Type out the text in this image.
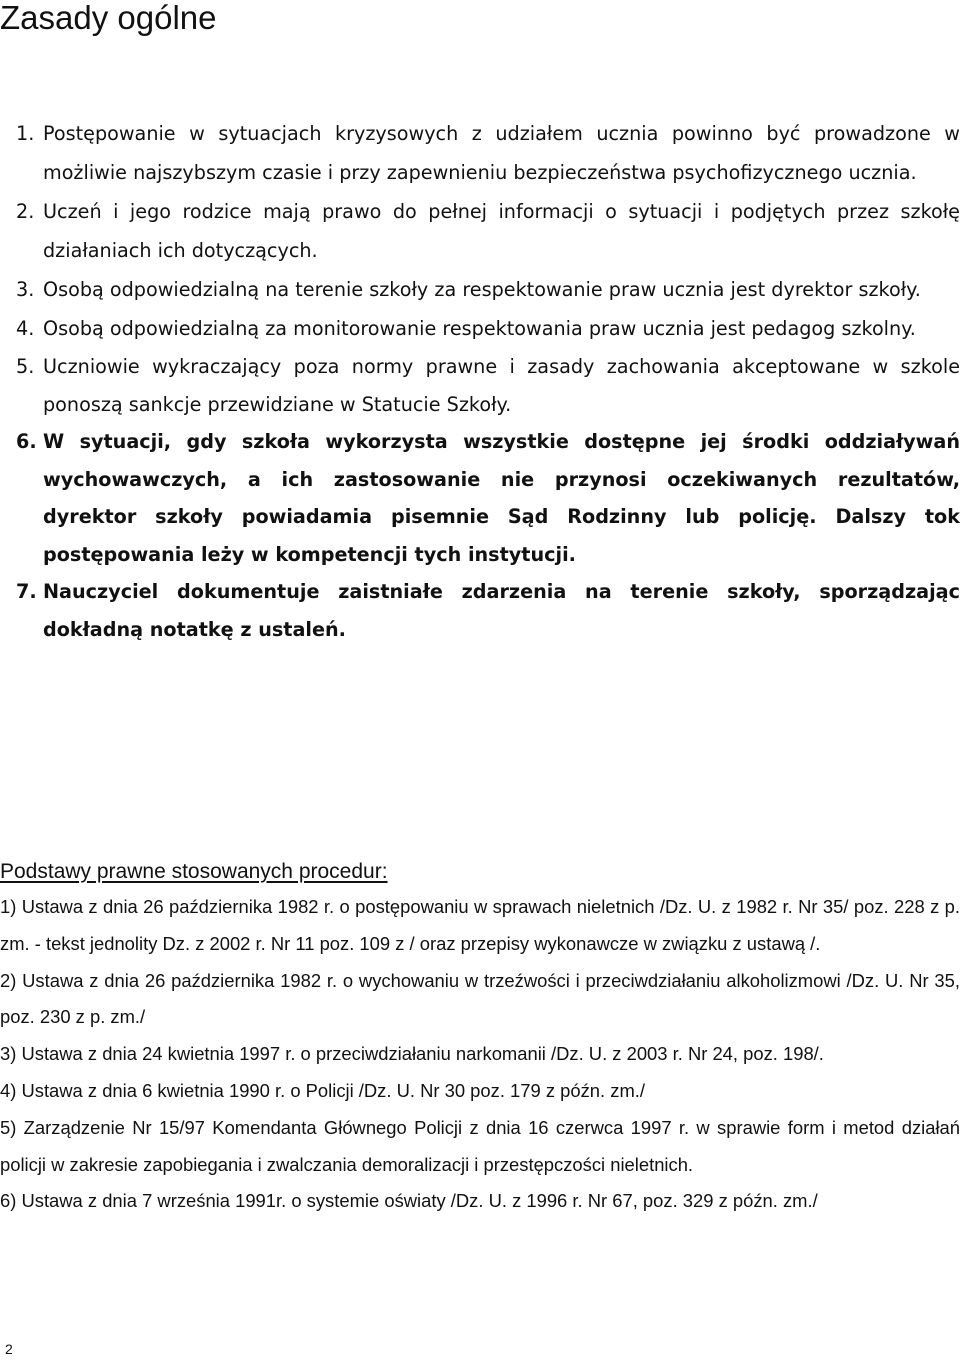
Zasady ogólne
1. Postępowanie w sytuacjach kryzysowych z udziałem ucznia powinno być prowadzone w możliwie najszybszym czasie i przy zapewnieniu bezpieczeństwa psychofizycznego ucznia.
2. Uczeń i jego rodzice mają prawo do pełnej informacji o sytuacji i podjętych przez szkołę działaniach ich dotyczących.
3. Osobą odpowiedzialną na terenie szkoły za respektowanie praw ucznia jest dyrektor szkoły.
4. Osobą odpowiedzialną za monitorowanie respektowania praw ucznia jest pedagog szkolny.
5. Uczniowie wykraczający poza normy prawne i zasady zachowania akceptowane w szkole ponoszą sankcje przewidziane w Statucie Szkoły.
6. W sytuacji, gdy szkoła wykorzysta wszystkie dostępne jej środki oddziaływań wychowawczych, a ich zastosowanie nie przynosi oczekiwanych rezultatów, dyrektor szkoły powiadamia pisemnie Sąd Rodzinny lub policję. Dalszy tok postępowania leży w kompetencji tych instytucji.
7. Nauczyciel dokumentuje zaistniałe zdarzenia na terenie szkoły, sporządzając dokładną notatkę z ustaleń.
Podstawy prawne stosowanych procedur:
1) Ustawa z dnia 26 października 1982 r. o postępowaniu w sprawach nieletnich /Dz. U. z 1982 r. Nr 35/ poz. 228 z p. zm. - tekst jednolity Dz. z 2002 r. Nr 11 poz. 109 z / oraz przepisy wykonawcze w związku z ustawą /.
2) Ustawa z dnia 26 października 1982 r. o wychowaniu w trzeźwości i przeciwdziałaniu alkoholizmowi /Dz. U. Nr 35, poz. 230 z p. zm./
3) Ustawa z dnia 24 kwietnia 1997 r. o przeciwdziałaniu narkomanii /Dz. U. z 2003 r. Nr 24, poz. 198/.
4) Ustawa z dnia 6 kwietnia 1990 r. o Policji /Dz. U. Nr 30 poz. 179 z późn. zm./
5) Zarządzenie Nr 15/97 Komendanta Głównego Policji z dnia 16 czerwca 1997 r. w sprawie form i metod działań policji w zakresie zapobiegania i zwalczania demoralizacji i przestępczości nieletnich.
6) Ustawa z dnia 7 września 1991r. o systemie oświaty /Dz. U. z 1996 r. Nr 67, poz. 329 z późn. zm./
2
